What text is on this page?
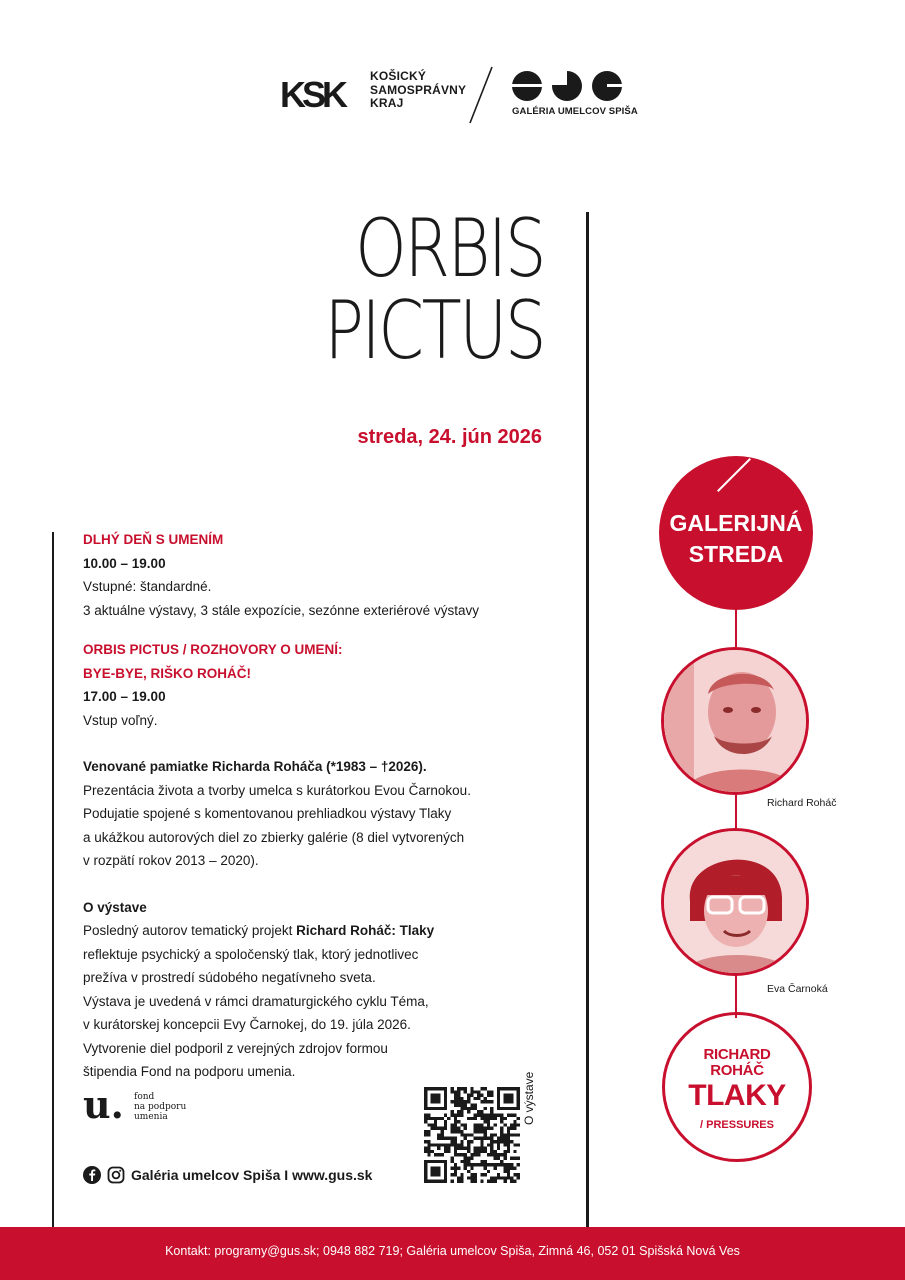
KSK	KOŠICKÝ
SAMOSPRÁVNY
KRAJ
GALÉRIA UMELCOV SPIŠA
ORBIS
PICTUS
streda, 24. jún 2026
DLHÝ DEŇ S UMENÍM
10.00 – 19.00
Vstupné: štandardné.
3 aktuálne výstavy, 3 stále expozície, sezónne exteriérové výstavy
ORBIS PICTUS / ROZHOVORY O UMENÍ:
BYE-BYE, RIŠKO ROHÁČ!
17.00 – 19.00
Vstup voľný.
Venované pamiatke Richarda Roháča (*1983 – †2026).
Prezentácia života a tvorby umelca s kurátorkou Evou Čarnokou.
Podujatie spojené s komentovanou prehliadkou výstavy Tlaky
a ukážkou autorových diel zo zbierky galérie (8 diel vytvorených
v rozpätí rokov 2013 – 2020).
O výstave
Posledný autorov tematický projekt Richard Roháč: Tlaky
reflektuje psychický a spoločenský tlak, ktorý jednotlivec
prežíva v prostredí súdobého negatívneho sveta.
Výstava je uvedená v rámci dramaturgického cyklu Téma,
v kurátorskej koncepcii Evy Čarnokej, do 19. júla 2026.
Vytvorenie diel podporil z verejných zdrojov formou
štipendia Fond na podporu umenia.
u. fond
na podporu
umenia
Galéria umelcov Spiša I www.gus.sk
O výstave
GALERIJNÁ
STREDA
Richard Roháč
Eva Čarnoká
RICHARD
ROHÁČ
TLAKY
/ PRESSURES
Kontakt: programy@gus.sk; 0948 882 719; Galéria umelcov Spiša, Zimná 46, 052 01 Spišská Nová Ves
